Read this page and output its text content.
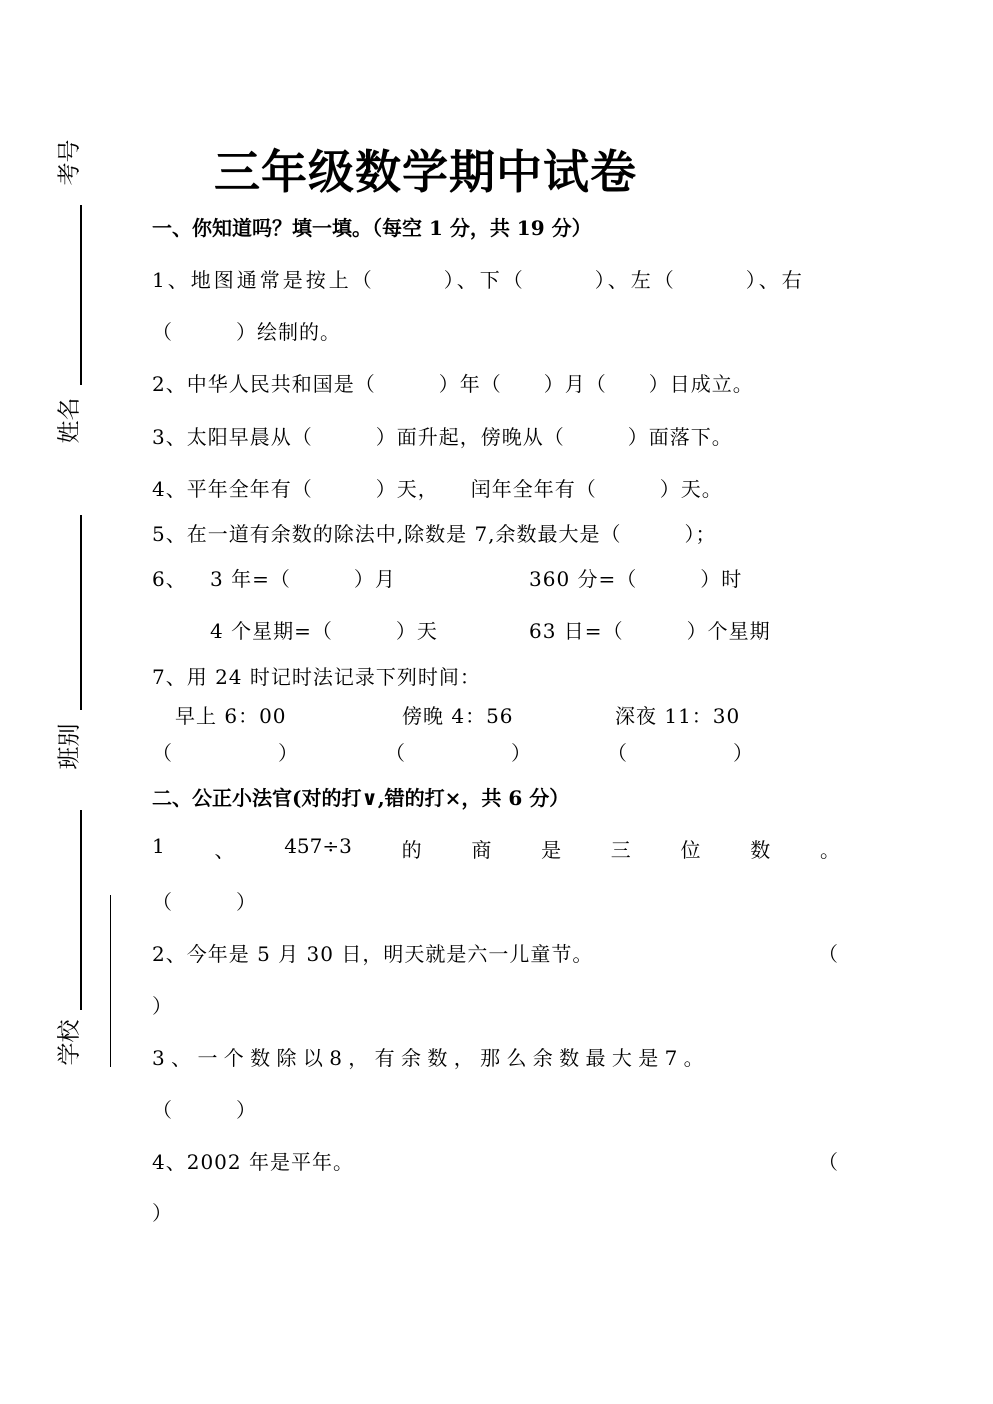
考号
姓名
班别
学校
三年级数学期中试卷
一、你知道吗？填一填。（每空 1 分，共 19 分）
1、地图通常是按上（　　　）、下（　　　）、左（　　　）、右
（　　　）绘制的。
2、中华人民共和国是（　　　）年（　　）月（　　）日成立。
3、太阳早晨从（　　　）面升起，傍晚从（　　　）面落下。
4、平年全年有（　　　）天，　　闰年全年有（　　　）天。
5、在一道有余数的除法中,除数是 7,余数最大是（　　　）；
6、 3 年=（　　　）月	360 分=（　　　）时
4 个星期=（　　　）天	63 日=（　　　）个星期
7、用 24 时记时法记录下列时间：
早上 6：00	傍晚 4：56	深夜 11：30
（　　　　　）	（　　　　　）	（　　　　　）
二、公正小法官(对的打∨,错的打×，共 6 分）
1 、 457÷3 的 商 是 三 位 数 。
（　　　）
2、今年是 5 月 30 日，明天就是六一儿童节。	（
）
3 、 一 个 数 除 以 8 ， 有 余 数 ， 那 么 余 数 最 大 是 7 。
（　　　）
4、2002 年是平年。	（
）
